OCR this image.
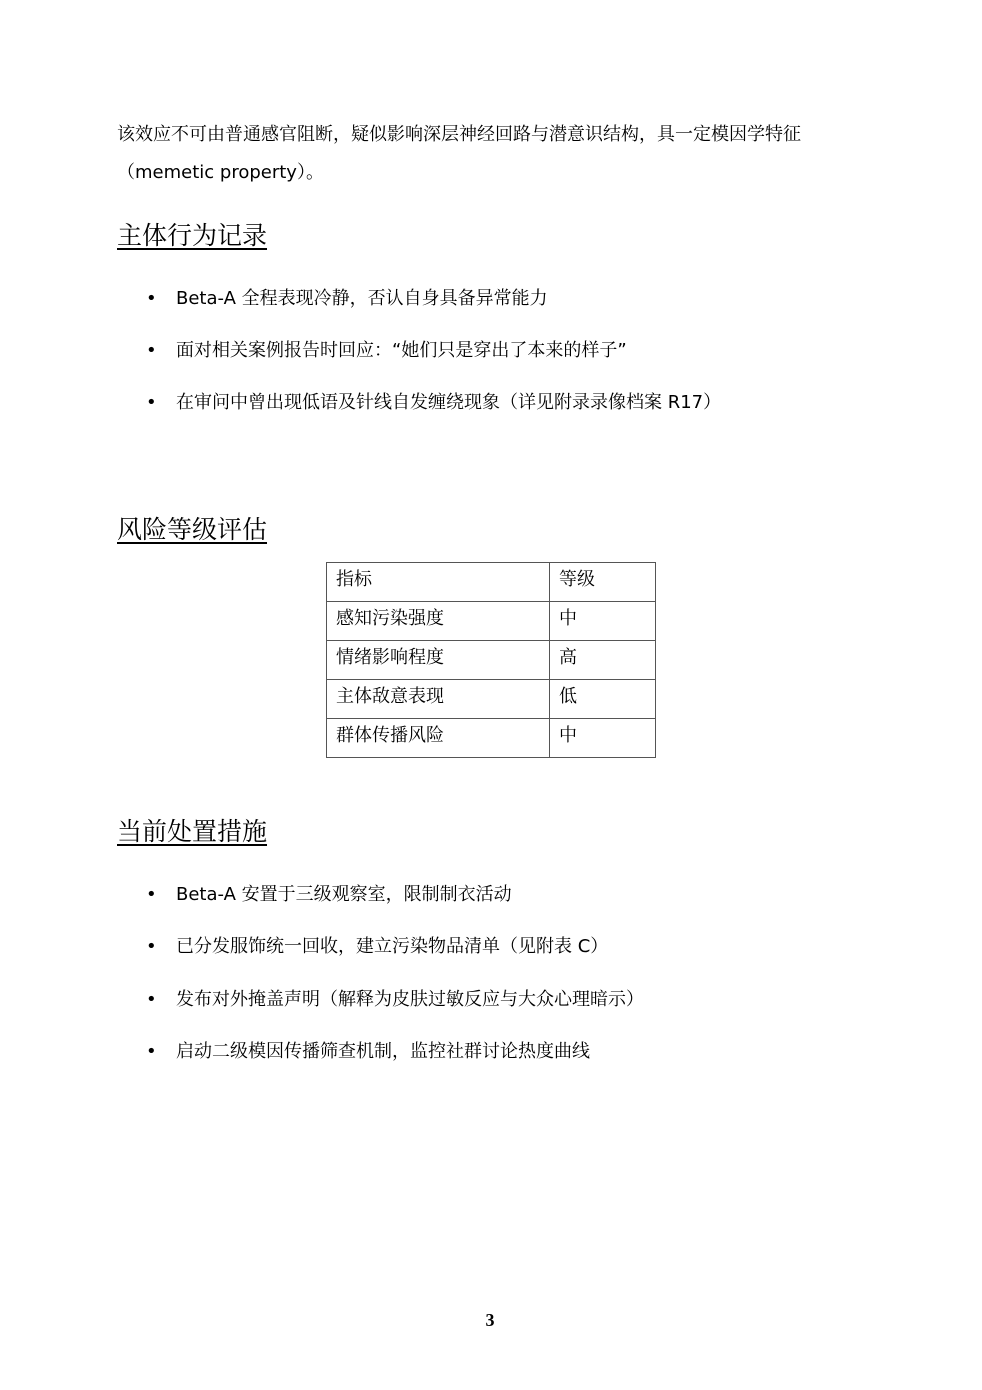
该效应不可由普通感官阻断，疑似影响深层神经回路与潜意识结构，具一定模因学特征（memetic property）。
主体行为记录
• Beta-A 全程表现冷静，否认自身具备异常能力
• 面对相关案例报告时回应：“她们只是穿出了本来的样子”
• 在审问中曾出现低语及针线自发缠绕现象（详见附录录像档案 R17）
风险等级评估
指标	等级
感知污染强度	中
情绪影响程度	高
主体敌意表现	低
群体传播风险	中
当前处置措施
• Beta-A 安置于三级观察室，限制制衣活动
• 已分发服饰统一回收，建立污染物品清单（见附表 C）
• 发布对外掩盖声明（解释为皮肤过敏反应与大众心理暗示）
• 启动二级模因传播筛查机制，监控社群讨论热度曲线
3
